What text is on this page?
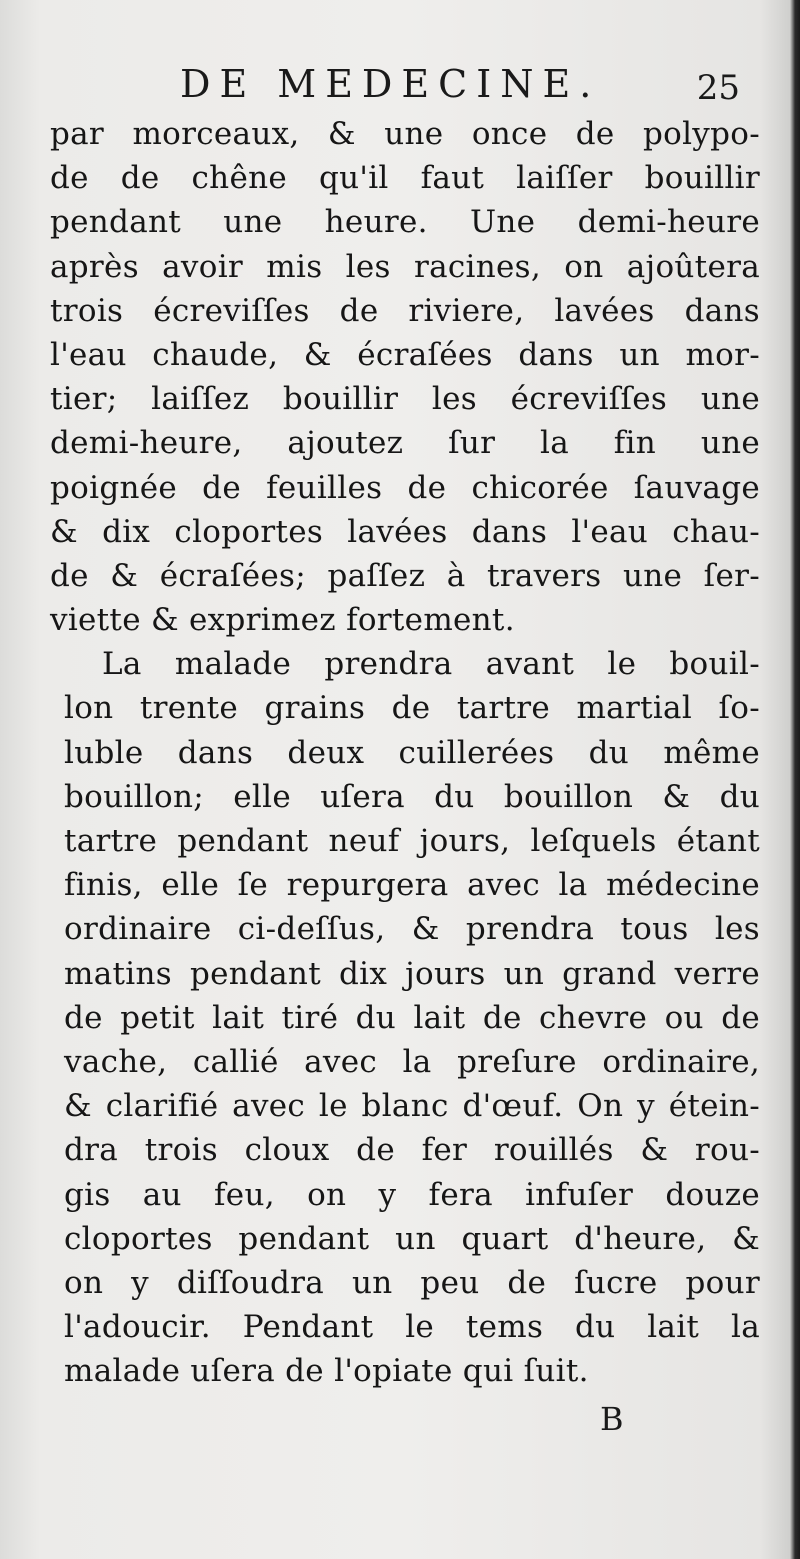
DE MEDECINE.	25
par morceaux, & une once de polypo-
de de chêne qu'il faut laiſſer bouillir
pendant une heure. Une demi-heure
après avoir mis les racines, on ajoûtera
trois écreviſſes de riviere, lavées dans
l'eau chaude, & écraſées dans un mor-
tier; laiſſez bouillir les écreviſſes une
demi-heure, ajoutez ſur la fin une
poignée de feuilles de chicorée ſauvage
& dix cloportes lavées dans l'eau chau-
de & écraſées; paſſez à travers une ſer-
viette & exprimez fortement.
La malade prendra avant le bouil-
lon trente grains de tartre martial ſo-
luble dans deux cuillerées du même
bouillon; elle uſera du bouillon & du
tartre pendant neuf jours, leſquels étant
finis, elle ſe repurgera avec la médecine
ordinaire ci-deſſus, & prendra tous les
matins pendant dix jours un grand verre
de petit lait tiré du lait de chevre ou de
vache, callié avec la preſure ordinaire,
& clarifié avec le blanc d'œuf. On y étein-
dra trois cloux de fer rouillés & rou-
gis au feu, on y fera infuſer douze
cloportes pendant un quart d'heure, &
on y diſſoudra un peu de ſucre pour
l'adoucir. Pendant le tems du lait la
malade uſera de l'opiate qui ſuit.
B
